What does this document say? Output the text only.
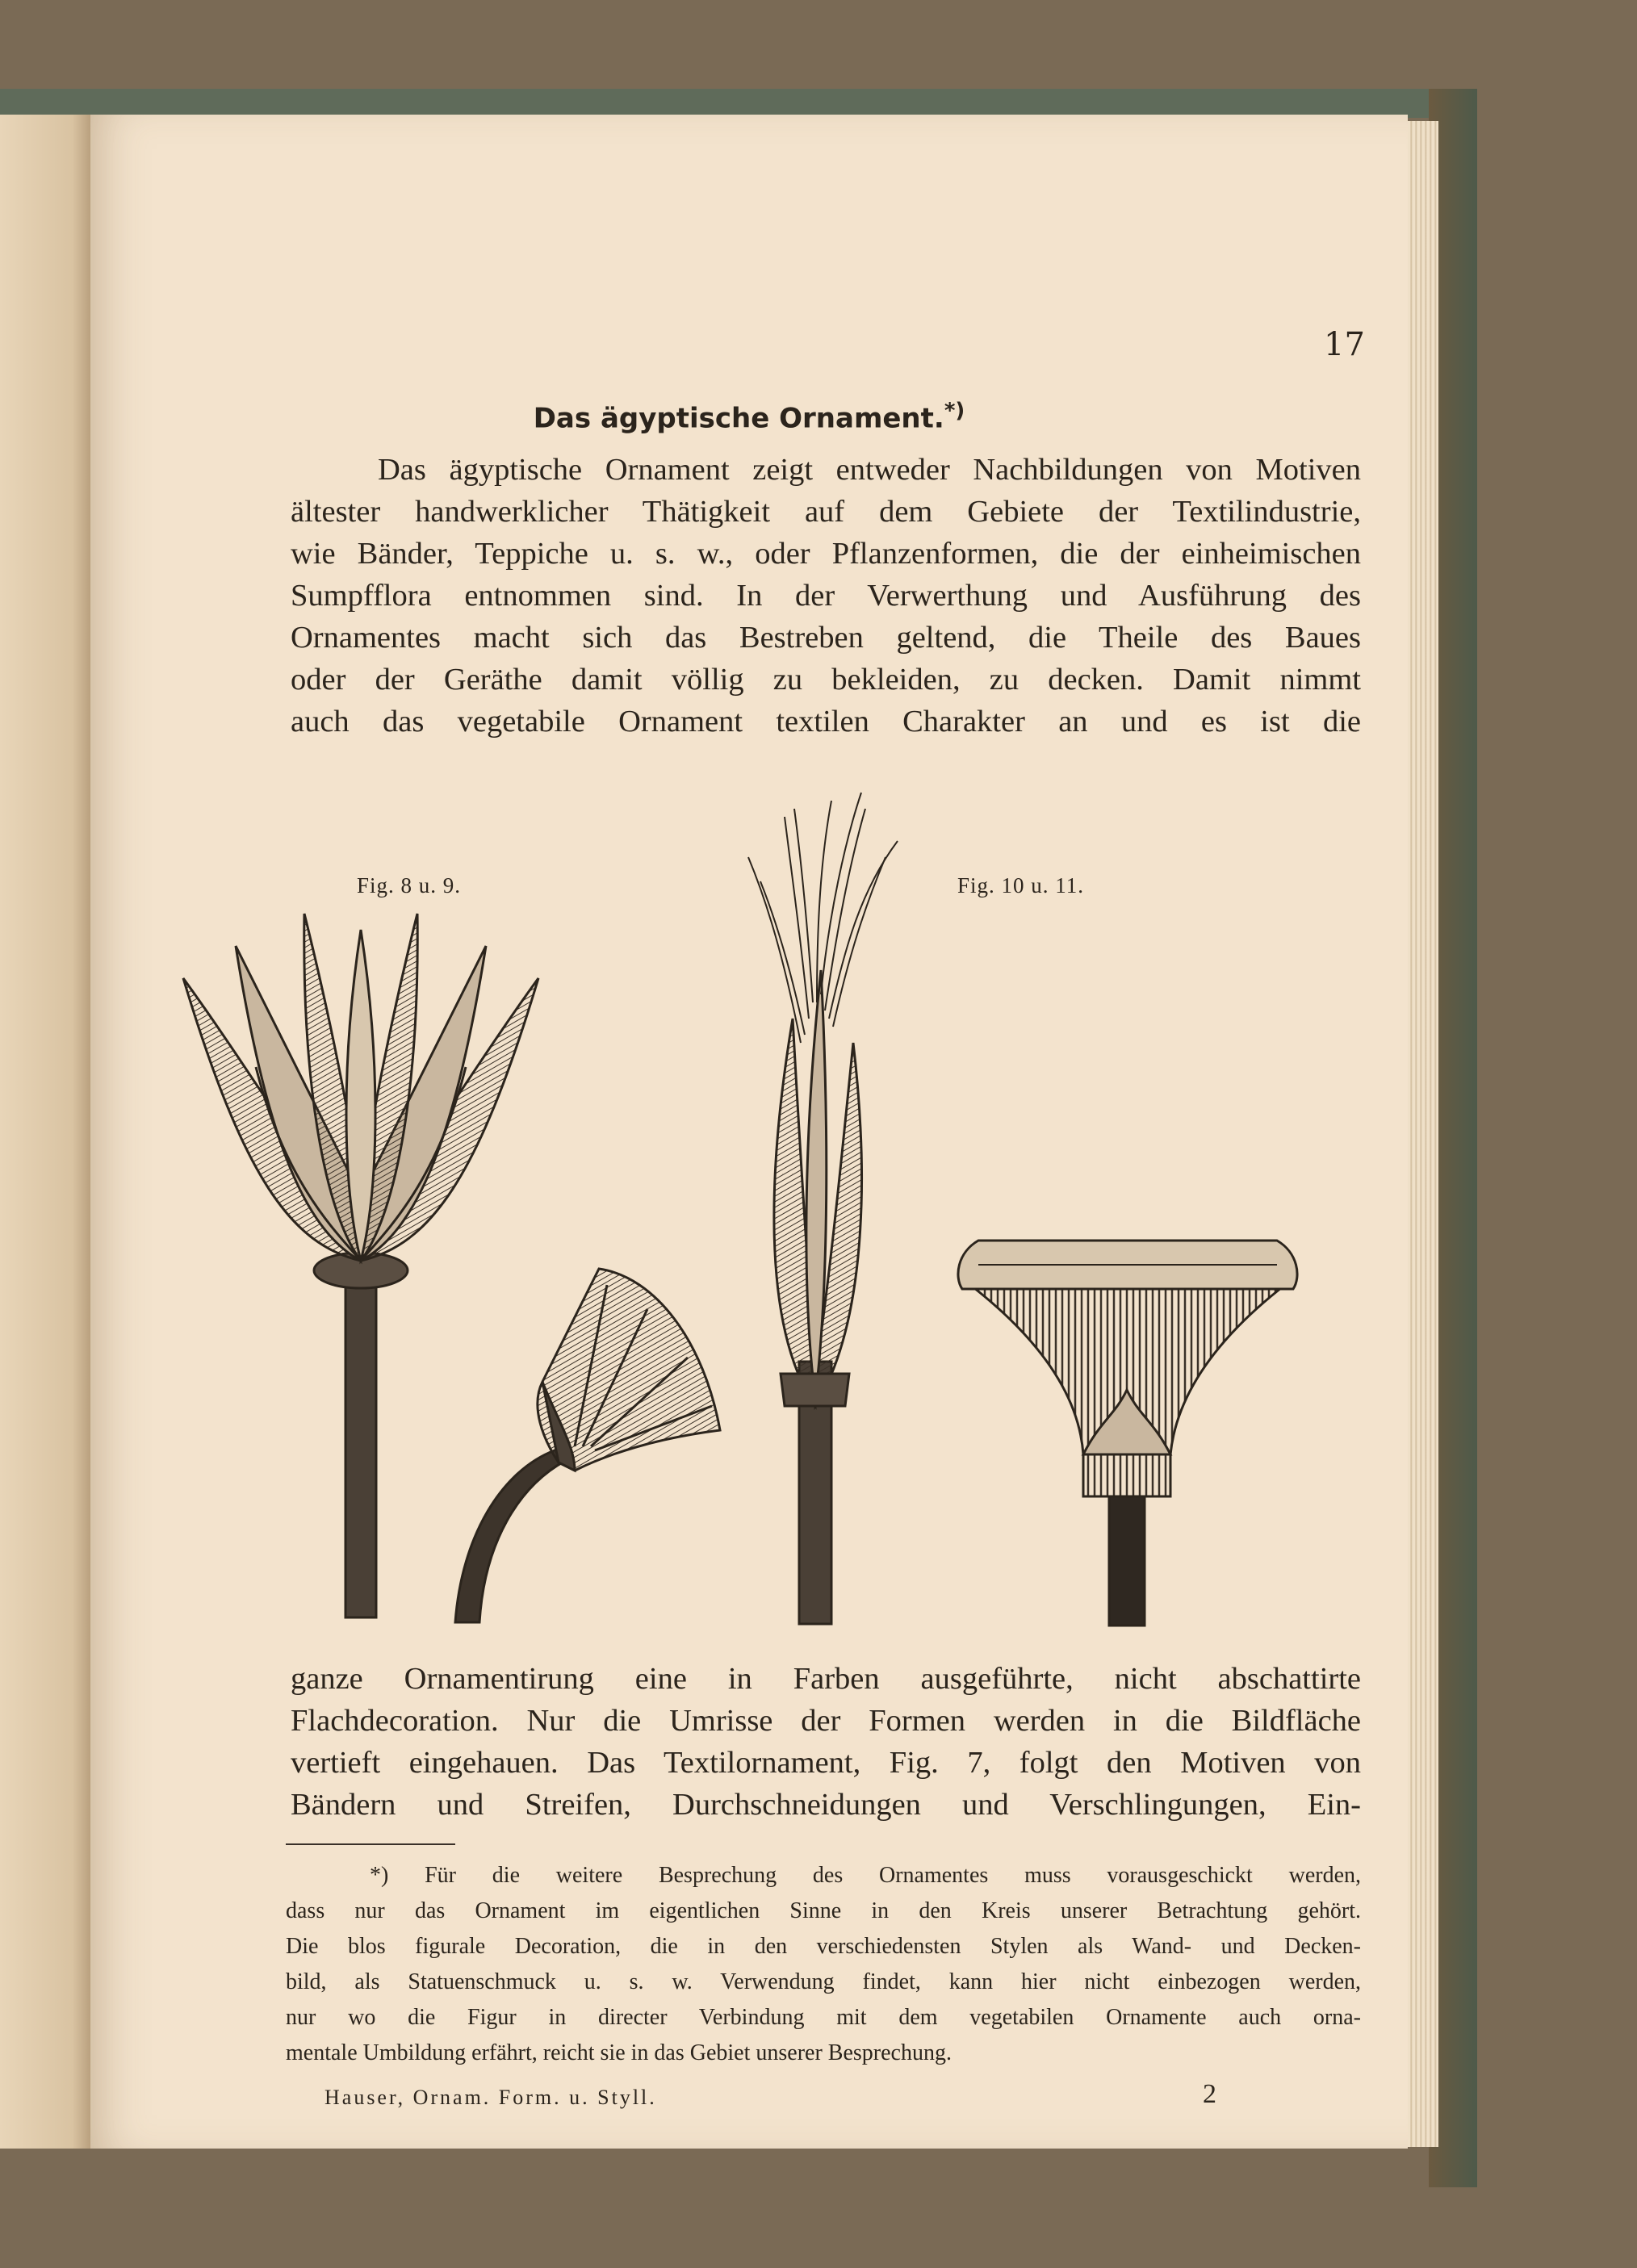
17
Das ägyptische Ornament.*)
Das ägyptische Ornament zeigt entweder Nachbildungen von Motiven
ältester handwerklicher Thätigkeit auf dem Gebiete der Textilindustrie,
wie Bänder, Teppiche u. s. w., oder Pflanzenformen, die der einheimischen
Sumpfflora entnommen sind. In der Verwerthung und Ausführung des
Ornamentes macht sich das Bestreben geltend, die Theile des Baues
oder der Geräthe damit völlig zu bekleiden, zu decken. Damit nimmt
auch das vegetabile Ornament textilen Charakter an und es ist die
Fig. 8 u. 9.	Fig. 10 u. 11.
ganze Ornamentirung eine in Farben ausgeführte, nicht abschattirte
Flachdecoration. Nur die Umrisse der Formen werden in die Bildfläche
vertieft eingehauen. Das Textilornament, Fig. 7, folgt den Motiven von
Bändern und Streifen, Durchschneidungen und Verschlingungen, Ein-
*) Für die weitere Besprechung des Ornamentes muss vorausgeschickt werden,
dass nur das Ornament im eigentlichen Sinne in den Kreis unserer Betrachtung gehört.
Die blos figurale Decoration, die in den verschiedensten Stylen als Wand- und Decken-
bild, als Statuenschmuck u. s. w. Verwendung findet, kann hier nicht einbezogen werden,
nur wo die Figur in directer Verbindung mit dem vegetabilen Ornamente auch orna-
mentale Umbildung erfährt, reicht sie in das Gebiet unserer Besprechung.
Hauser, Ornam. Form. u. Styll.	2
